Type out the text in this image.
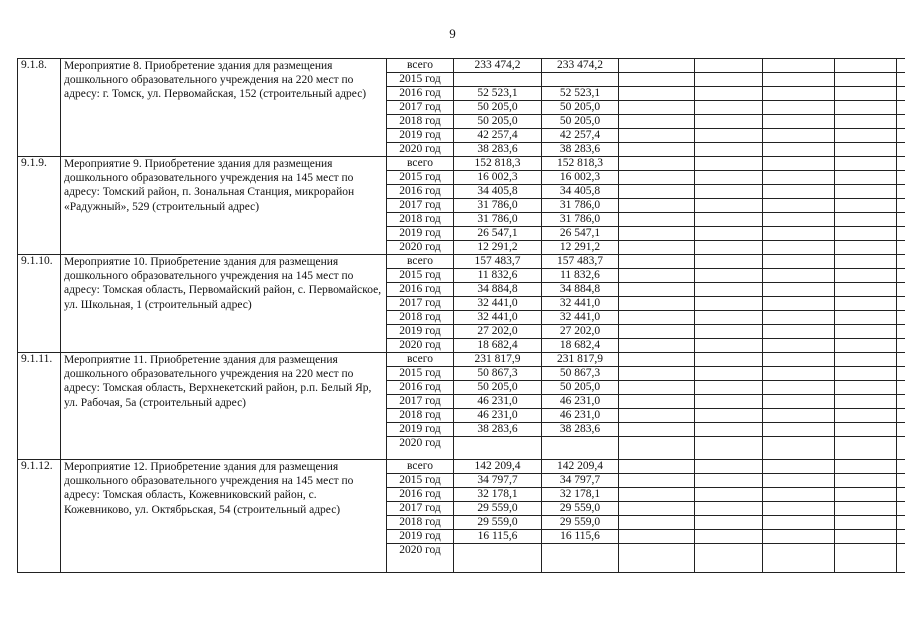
9
9.1.8.	Мероприятие 8. Приобретение здания для размещения дошкольного образовательного учреждения на 220 мест по адресу: г. Томск, ул. Первомайская, 152 (строительный адрес)	всего	233 474,2	233 474,2					
		2015 год							
		2016 год	52 523,1	52 523,1					
		2017 год	50 205,0	50 205,0					
		2018 год	50 205,0	50 205,0					
		2019 год	42 257,4	42 257,4					
		2020 год	38 283,6	38 283,6					
9.1.9.	Мероприятие 9. Приобретение здания для размещения дошкольного образовательного учреждения на 145 мест по адресу: Томский район, п. Зональная Станция, микрорайон «Радужный», 529 (строительный адрес)	всего	152 818,3	152 818,3					
		2015 год	16 002,3	16 002,3					
		2016 год	34 405,8	34 405,8					
		2017 год	31 786,0	31 786,0					
		2018 год	31 786,0	31 786,0					
		2019 год	26 547,1	26 547,1					
		2020 год	12 291,2	12 291,2					
9.1.10.	Мероприятие 10. Приобретение здания для размещения дошкольного образовательного учреждения на 145 мест по адресу: Томская область, Первомайский район, с. Первомайское, ул. Школьная, 1 (строительный адрес)	всего	157 483,7	157 483,7					
		2015 год	11 832,6	11 832,6					
		2016 год	34 884,8	34 884,8					
		2017 год	32 441,0	32 441,0					
		2018 год	32 441,0	32 441,0					
		2019 год	27 202,0	27 202,0					
		2020 год	18 682,4	18 682,4					
9.1.11.	Мероприятие 11. Приобретение здания для размещения дошкольного образовательного учреждения на 220 мест по адресу: Томская область, Верхнекетский район, р.п. Белый Яр, ул. Рабочая, 5а (строительный адрес)	всего	231 817,9	231 817,9					
		2015 год	50 867,3	50 867,3					
		2016 год	50 205,0	50 205,0					
		2017 год	46 231,0	46 231,0					
		2018 год	46 231,0	46 231,0					
		2019 год	38 283,6	38 283,6					
		2020 год							
9.1.12.	Мероприятие 12. Приобретение здания для размещения дошкольного образовательного учреждения на 145 мест по адресу: Томская область, Кожевниковский район, с. Кожевниково, ул. Октябрьская, 54 (строительный адрес)	всего	142 209,4	142 209,4					
		2015 год	34 797,7	34 797,7					
		2016 год	32 178,1	32 178,1					
		2017 год	29 559,0	29 559,0					
		2018 год	29 559,0	29 559,0					
		2019 год	16 115,6	16 115,6					
		2020 год							
